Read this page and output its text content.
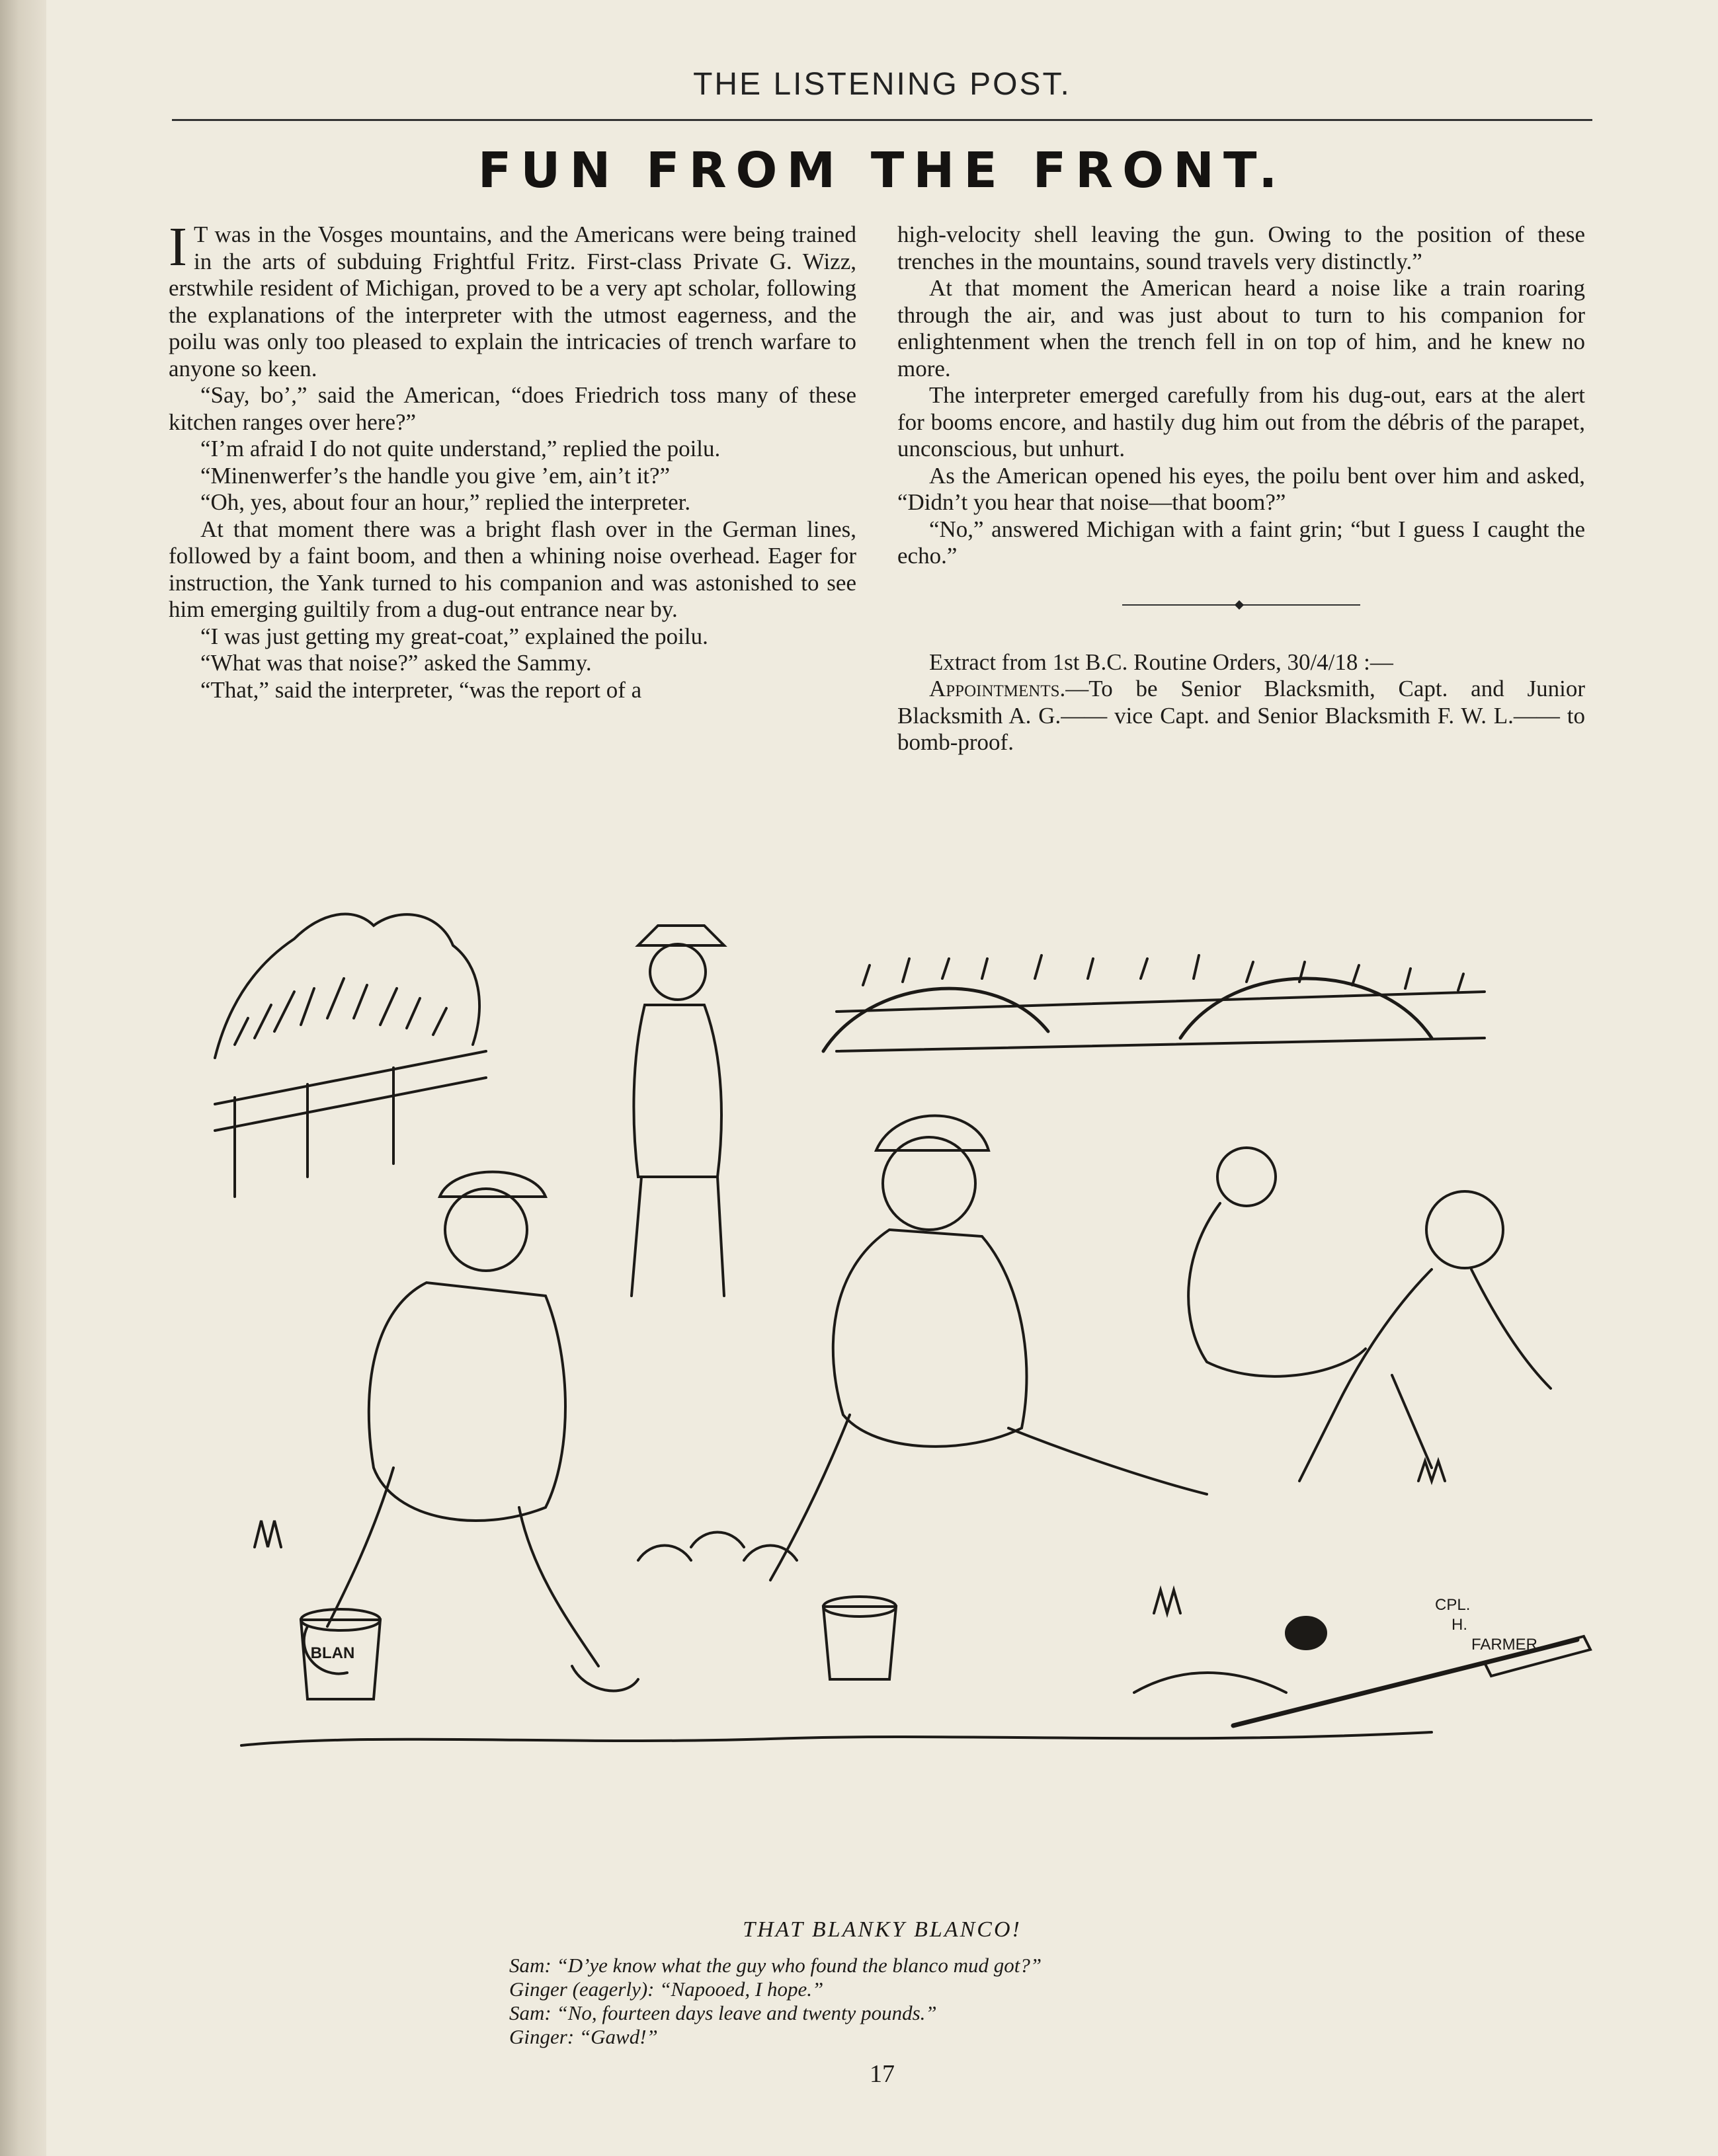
THE LISTENING POST.
FUN FROM THE FRONT.

I T was in the Vosges mountains, and the Americans were being trained in the arts of subduing Frightful Fritz. First-class Private G. Wizz, erstwhile resident of Michigan, proved to be a very apt scholar, following the explanations of the interpreter with the utmost eagerness, and the poilu was only too pleased to explain the intricacies of trench warfare to anyone so keen.

“Say, bo’,” said the American, “does Friedrich toss many of these kitchen ranges over here?”

“I’m afraid I do not quite understand,” replied the poilu.

“Minenwerfer’s the handle you give ’em, ain’t it?”

“Oh, yes, about four an hour,” replied the interpreter.

At that moment there was a bright flash over in the German lines, followed by a faint boom, and then a whining noise overhead. Eager for instruction, the Yank turned to his companion and was astonished to see him emerging guiltily from a dug-out entrance near by.

“I was just getting my great-coat,” explained the poilu.

“What was that noise?” asked the Sammy.

“That,” said the interpreter, “was the report of a

high-velocity shell leaving the gun. Owing to the position of these trenches in the mountains, sound travels very distinctly.”

At that moment the American heard a noise like a train roaring through the air, and was just about to turn to his companion for enlightenment when the trench fell in on top of him, and he knew no more.

The interpreter emerged carefully from his dug-out, ears at the alert for booms encore, and hastily dug him out from the débris of the parapet, unconscious, but unhurt.

As the American opened his eyes, the poilu bent over him and asked, “Didn’t you hear that noise—that boom?”

“No,” answered Michigan with a faint grin; “but I guess I caught the echo.”

Extract from 1st B.C. Routine Orders, 30/4/18 :—

Appointments.—To be Senior Blacksmith, Capt. and Junior Blacksmith A. G.—— vice Capt. and Senior Blacksmith F. W. L.—— to bomb-proof.

BLAN
CPL.
H.
FARMER
THAT BLANKY BLANCO!
Sam: “D’ye know what the guy who found the blanco mud got?”
Ginger (eagerly): “Napooed, I hope.”
Sam: “No, fourteen days leave and twenty pounds.”
Ginger: “Gawd!”
17
